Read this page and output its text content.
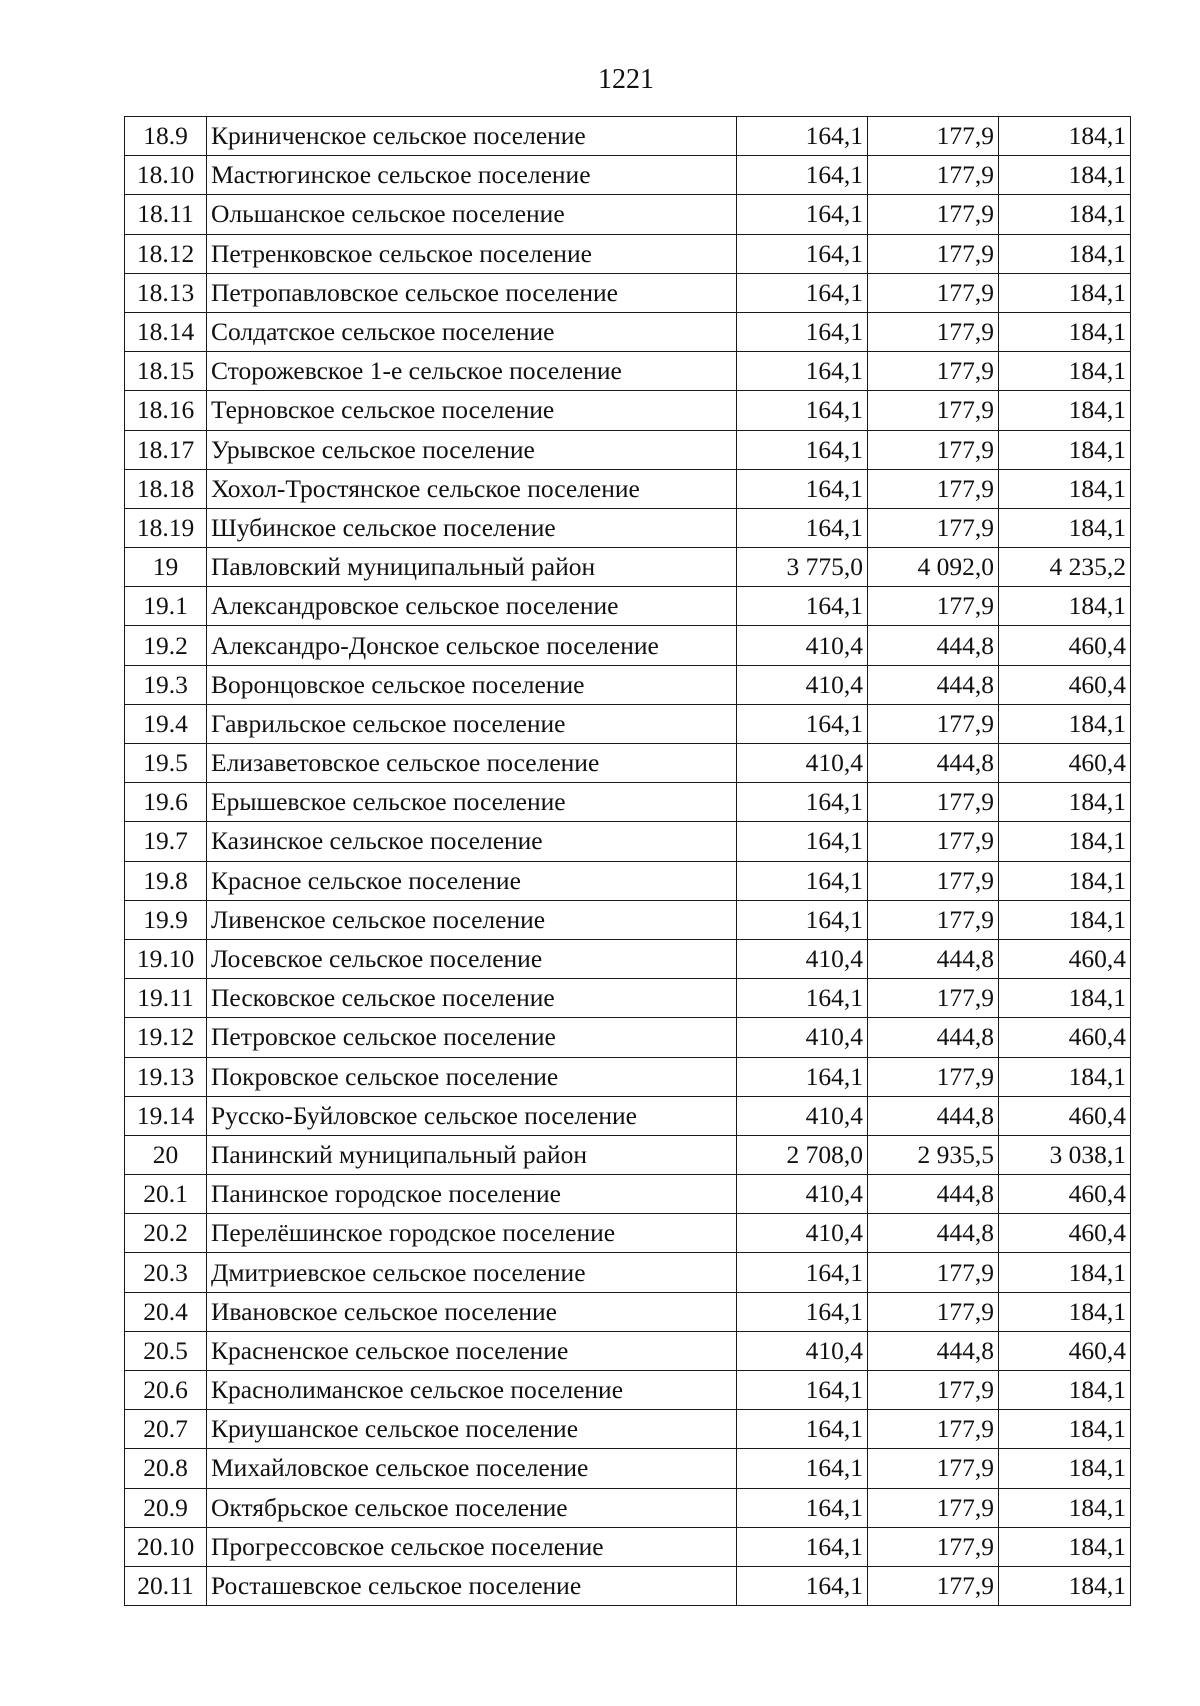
1221
18.9	Криниченское сельское поселение	164,1	177,9	184,1
18.10	Мастюгинское сельское поселение	164,1	177,9	184,1
18.11	Ольшанское сельское поселение	164,1	177,9	184,1
18.12	Петренковское сельское поселение	164,1	177,9	184,1
18.13	Петропавловское сельское поселение	164,1	177,9	184,1
18.14	Солдатское сельское поселение	164,1	177,9	184,1
18.15	Сторожевское 1-е сельское поселение	164,1	177,9	184,1
18.16	Терновское сельское поселение	164,1	177,9	184,1
18.17	Урывское сельское поселение	164,1	177,9	184,1
18.18	Хохол-Тростянское сельское поселение	164,1	177,9	184,1
18.19	Шубинское сельское поселение	164,1	177,9	184,1
19	Павловский муниципальный район	3 775,0	4 092,0	4 235,2
19.1	Александровское сельское поселение	164,1	177,9	184,1
19.2	Александро-Донское сельское поселение	410,4	444,8	460,4
19.3	Воронцовское сельское поселение	410,4	444,8	460,4
19.4	Гаврильское сельское поселение	164,1	177,9	184,1
19.5	Елизаветовское сельское поселение	410,4	444,8	460,4
19.6	Ерышевское сельское поселение	164,1	177,9	184,1
19.7	Казинское сельское поселение	164,1	177,9	184,1
19.8	Красное сельское поселение	164,1	177,9	184,1
19.9	Ливенское сельское поселение	164,1	177,9	184,1
19.10	Лосевское сельское поселение	410,4	444,8	460,4
19.11	Песковское сельское поселение	164,1	177,9	184,1
19.12	Петровское сельское поселение	410,4	444,8	460,4
19.13	Покровское сельское поселение	164,1	177,9	184,1
19.14	Русско-Буйловское сельское поселение	410,4	444,8	460,4
20	Панинский муниципальный район	2 708,0	2 935,5	3 038,1
20.1	Панинское городское поселение	410,4	444,8	460,4
20.2	Перелёшинское городское поселение	410,4	444,8	460,4
20.3	Дмитриевское сельское поселение	164,1	177,9	184,1
20.4	Ивановское сельское поселение	164,1	177,9	184,1
20.5	Красненское сельское поселение	410,4	444,8	460,4
20.6	Краснолиманское сельское поселение	164,1	177,9	184,1
20.7	Криушанское сельское поселение	164,1	177,9	184,1
20.8	Михайловское сельское поселение	164,1	177,9	184,1
20.9	Октябрьское сельское поселение	164,1	177,9	184,1
20.10	Прогрессовское сельское поселение	164,1	177,9	184,1
20.11	Росташевское сельское поселение	164,1	177,9	184,1
